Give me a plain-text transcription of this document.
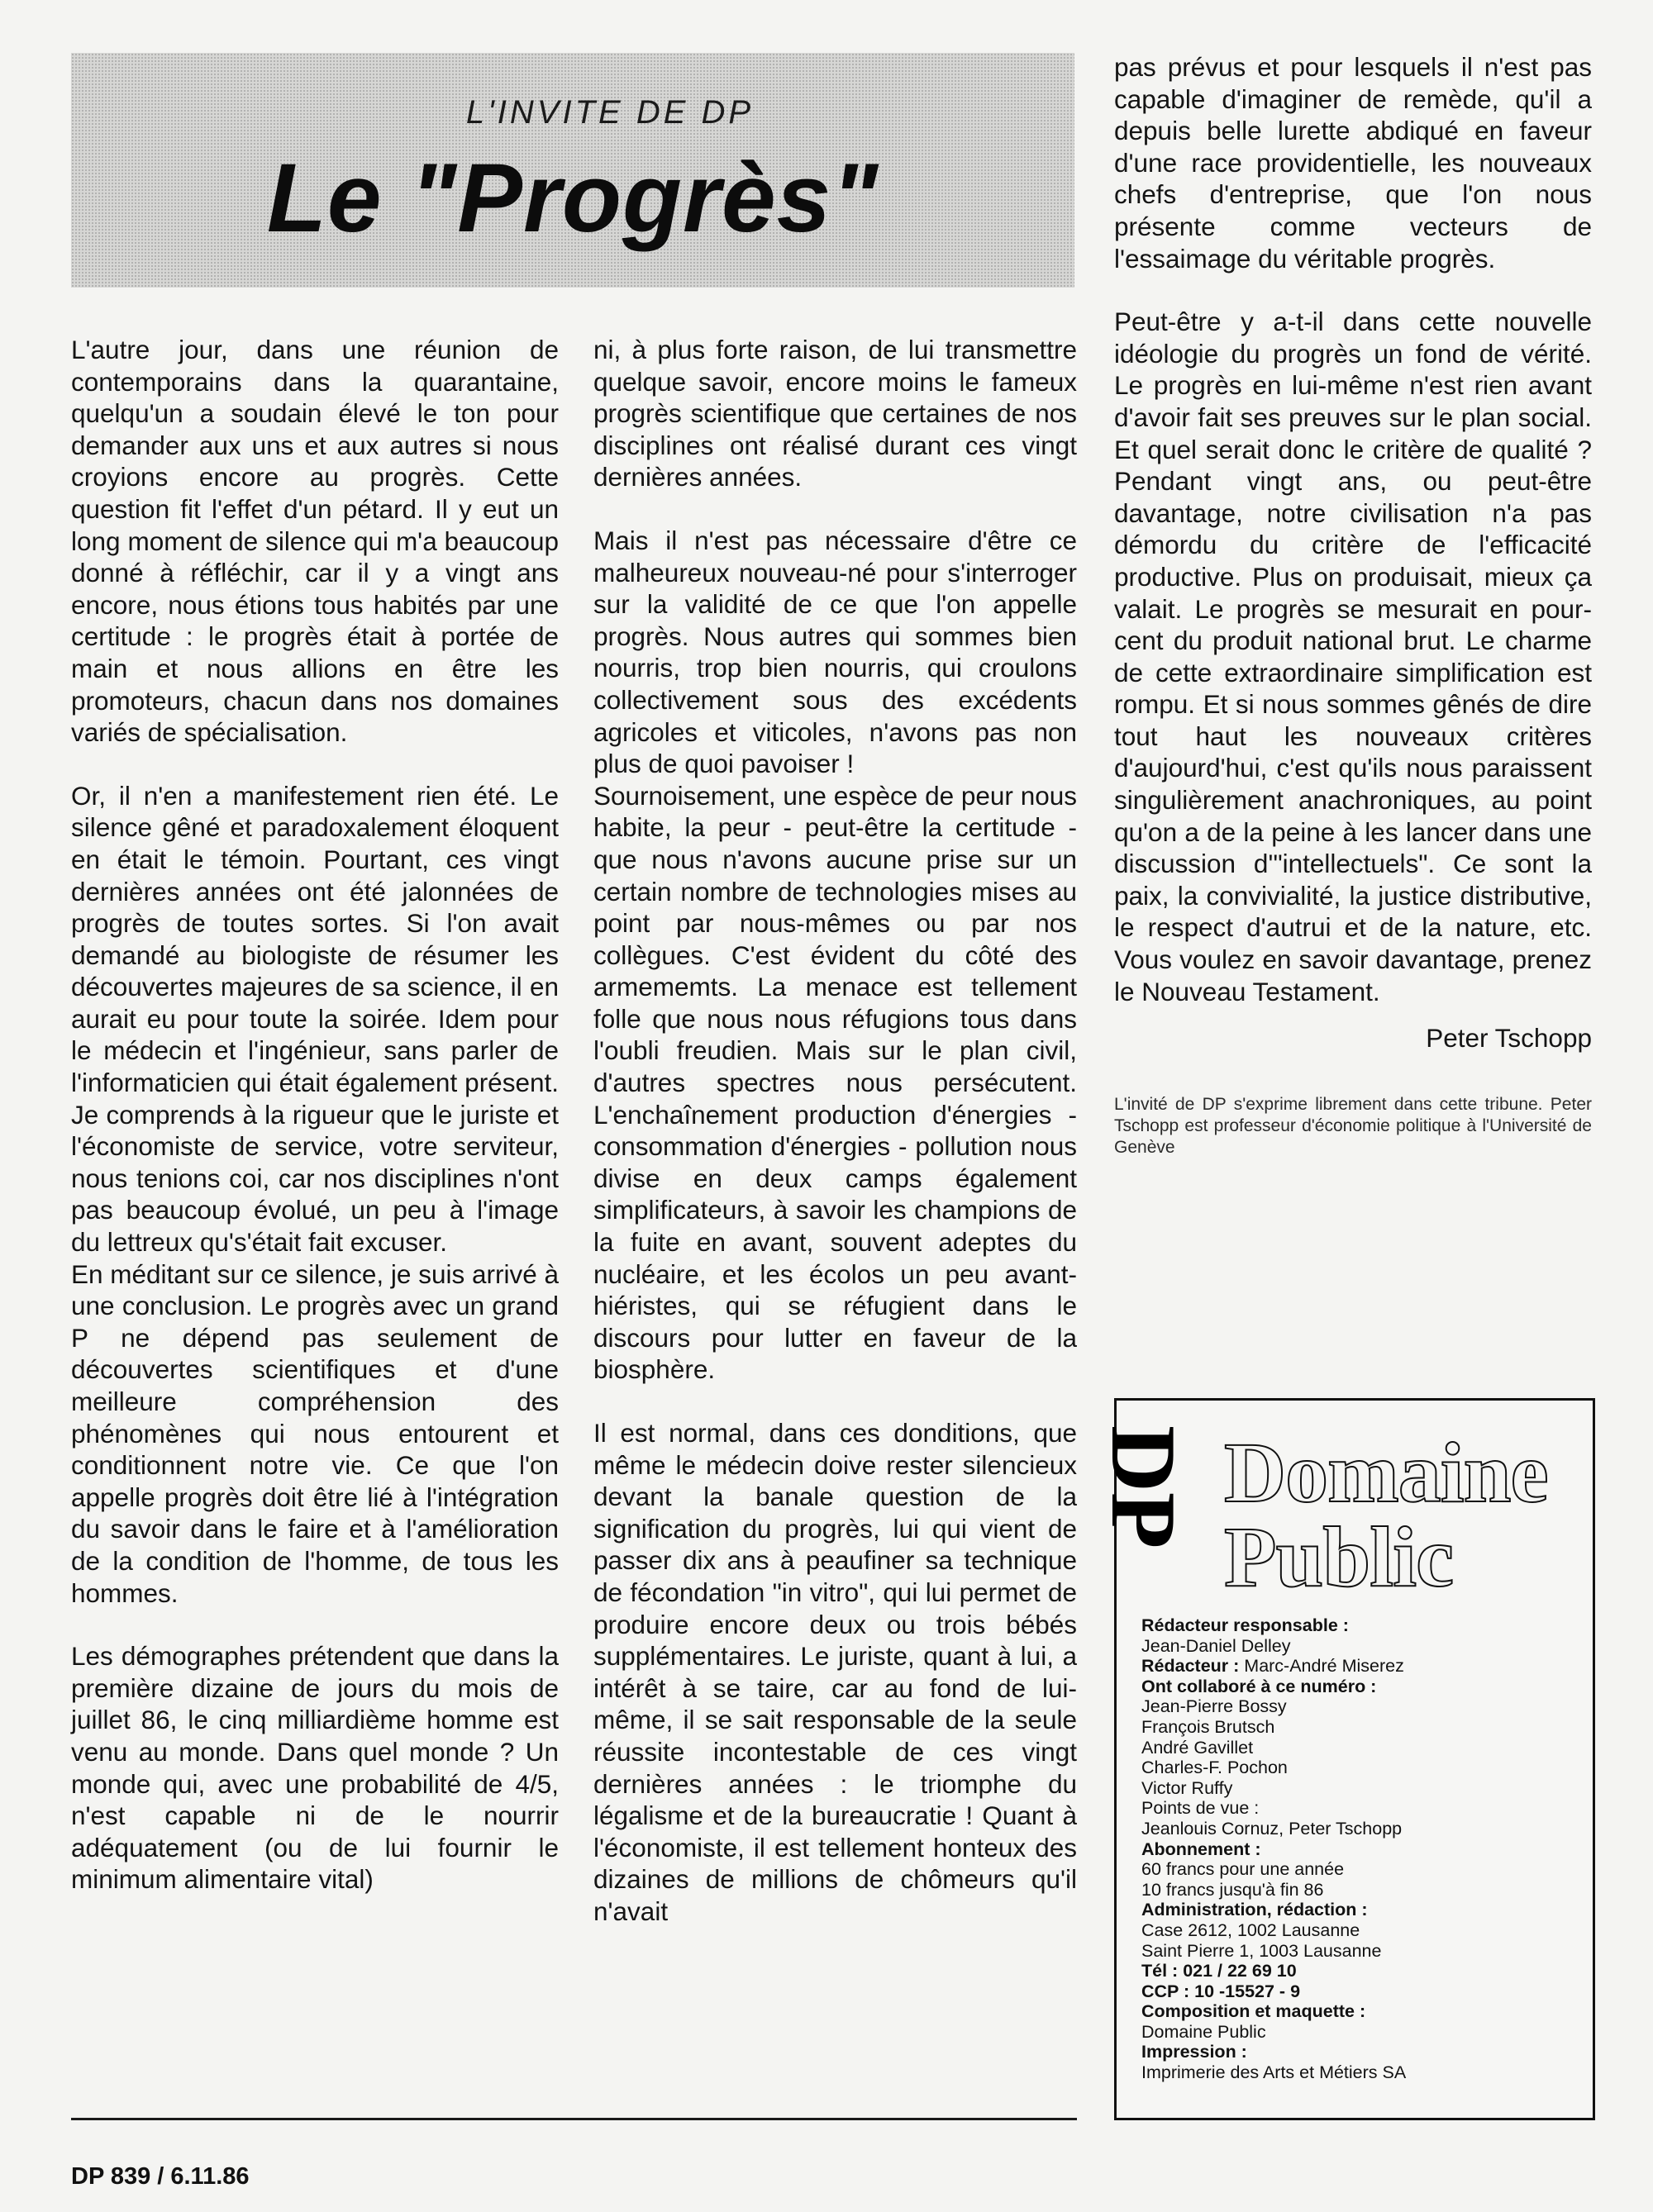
L'INVITE DE DP
Le "Progrès"

L'autre jour, dans une réunion de contemporains dans la quarantaine, quelqu'un a soudain élevé le ton pour demander aux uns et aux autres si nous croyions encore au progrès. Cette question fit l'effet d'un pétard. Il y eut un long moment de silence qui m'a beaucoup donné à réfléchir, car il y a vingt ans encore, nous étions tous habités par une certitude : le progrès était à portée de main et nous allions en être les promoteurs, chacun dans nos domaines variés de spécialisation.

Or, il n'en a manifestement rien été. Le silence gêné et paradoxalement éloquent en était le témoin. Pourtant, ces vingt dernières années ont été jalonnées de progrès de toutes sortes. Si l'on avait demandé au biologiste de résumer les découvertes majeures de sa science, il en aurait eu pour toute la soirée. Idem pour le médecin et l'ingénieur, sans parler de l'informaticien qui était également présent. Je comprends à la rigueur que le juriste et l'économiste de service, votre serviteur, nous tenions coi, car nos disciplines n'ont pas beaucoup évolué, un peu à l'image du lettreux qu's'était fait excuser.

En méditant sur ce silence, je suis arrivé à une conclusion. Le progrès avec un grand P ne dépend pas seulement de découvertes scientifiques et d'une meilleure compréhension des phénomènes qui nous entourent et conditionnent notre vie. Ce que l'on appelle progrès doit être lié à l'intégration du savoir dans le faire et à l'amélioration de la condition de l'homme, de tous les hommes.

Les démographes prétendent que dans la première dizaine de jours du mois de juillet 86, le cinq milliardième homme est venu au monde. Dans quel monde ? Un monde qui, avec une probabilité de 4/5, n'est capable ni de le nourrir adéquatement (ou de lui fournir le minimum alimentaire vital)

ni, à plus forte raison, de lui transmettre quelque savoir, encore moins le fameux progrès scientifique que certaines de nos disciplines ont réalisé durant ces vingt dernières années.

Mais il n'est pas nécessaire d'être ce malheureux nouveau-né pour s'interroger sur la validité de ce que l'on appelle progrès. Nous autres qui sommes bien nourris, trop bien nourris, qui croulons collectivement sous des excédents agricoles et viticoles, n'avons pas non plus de quoi pavoiser !

Sournoisement, une espèce de peur nous habite, la peur - peut-être la certitude - que nous n'avons aucune prise sur un certain nombre de technologies mises au point par nous-mêmes ou par nos collègues. C'est évident du côté des armememts. La menace est tellement folle que nous nous réfugions tous dans l'oubli freudien. Mais sur le plan civil, d'autres spectres nous persécutent. L'enchaînement production d'énergies - consommation d'énergies - pollution nous divise en deux camps également simplificateurs, à savoir les champions de la fuite en avant, souvent adeptes du nucléaire, et les écolos un peu avant-hiéristes, qui se réfugient dans le discours pour lutter en faveur de la biosphère.

Il est normal, dans ces donditions, que même le médecin doive rester silencieux devant la banale question de la signification du progrès, lui qui vient de passer dix ans à peaufiner sa technique de fécondation "in vitro", qui lui permet de produire encore deux ou trois bébés supplémentaires. Le juriste, quant à lui, a intérêt à se taire, car au fond de lui-même, il se sait responsable de la seule réussite incontestable de ces vingt dernières années : le triomphe du légalisme et de la bureaucratie ! Quant à l'économiste, il est tellement honteux des dizaines de millions de chômeurs qu'il n'avait

pas prévus et pour lesquels il n'est pas capable d'imaginer de remède, qu'il a depuis belle lurette abdiqué en faveur d'une race providentielle, les nouveaux chefs d'entreprise, que l'on nous présente comme vecteurs de l'essaimage du véritable progrès.

Peut-être y a-t-il dans cette nouvelle idéologie du progrès un fond de vérité. Le progrès en lui-même n'est rien avant d'avoir fait ses preuves sur le plan social. Et quel serait donc le critère de qualité ? Pendant vingt ans, ou peut-être davantage, notre civilisation n'a pas démordu du critère de l'efficacité productive. Plus on produisait, mieux ça valait. Le progrès se mesurait en pour-cent du produit national brut. Le charme de cette extraordinaire simplification est rompu. Et si nous sommes gênés de dire tout haut les nouveaux critères d'aujourd'hui, c'est qu'ils nous paraissent singulièrement anachroniques, au point qu'on a de la peine à les lancer dans une discussion d'"intellectuels". Ce sont la paix, la convivialité, la justice distributive, le respect d'autrui et de la nature, etc. Vous voulez en savoir davantage, prenez le Nouveau Testament.

Peter Tschopp
L'invité de DP s'exprime librement dans cette tribune. Peter Tschopp est professeur d'économie politique à l'Université de Genève
DP Domaine
Public
Rédacteur responsable :
Jean-Daniel Delley
Rédacteur : Marc-André Miserez
Ont collaboré à ce numéro :
Jean-Pierre Bossy
François Brutsch
André Gavillet
Charles-F. Pochon
Victor Ruffy
Points de vue :
Jeanlouis Cornuz, Peter Tschopp
Abonnement :
60 francs pour une année
10 francs jusqu'à fin 86
Administration, rédaction :
Case 2612, 1002 Lausanne
Saint Pierre 1, 1003 Lausanne
Tél : 021 / 22 69 10
CCP : 10 -15527 - 9
Composition et maquette :
Domaine Public
Impression :
Imprimerie des Arts et Métiers SA
DP 839 / 6.11.86
